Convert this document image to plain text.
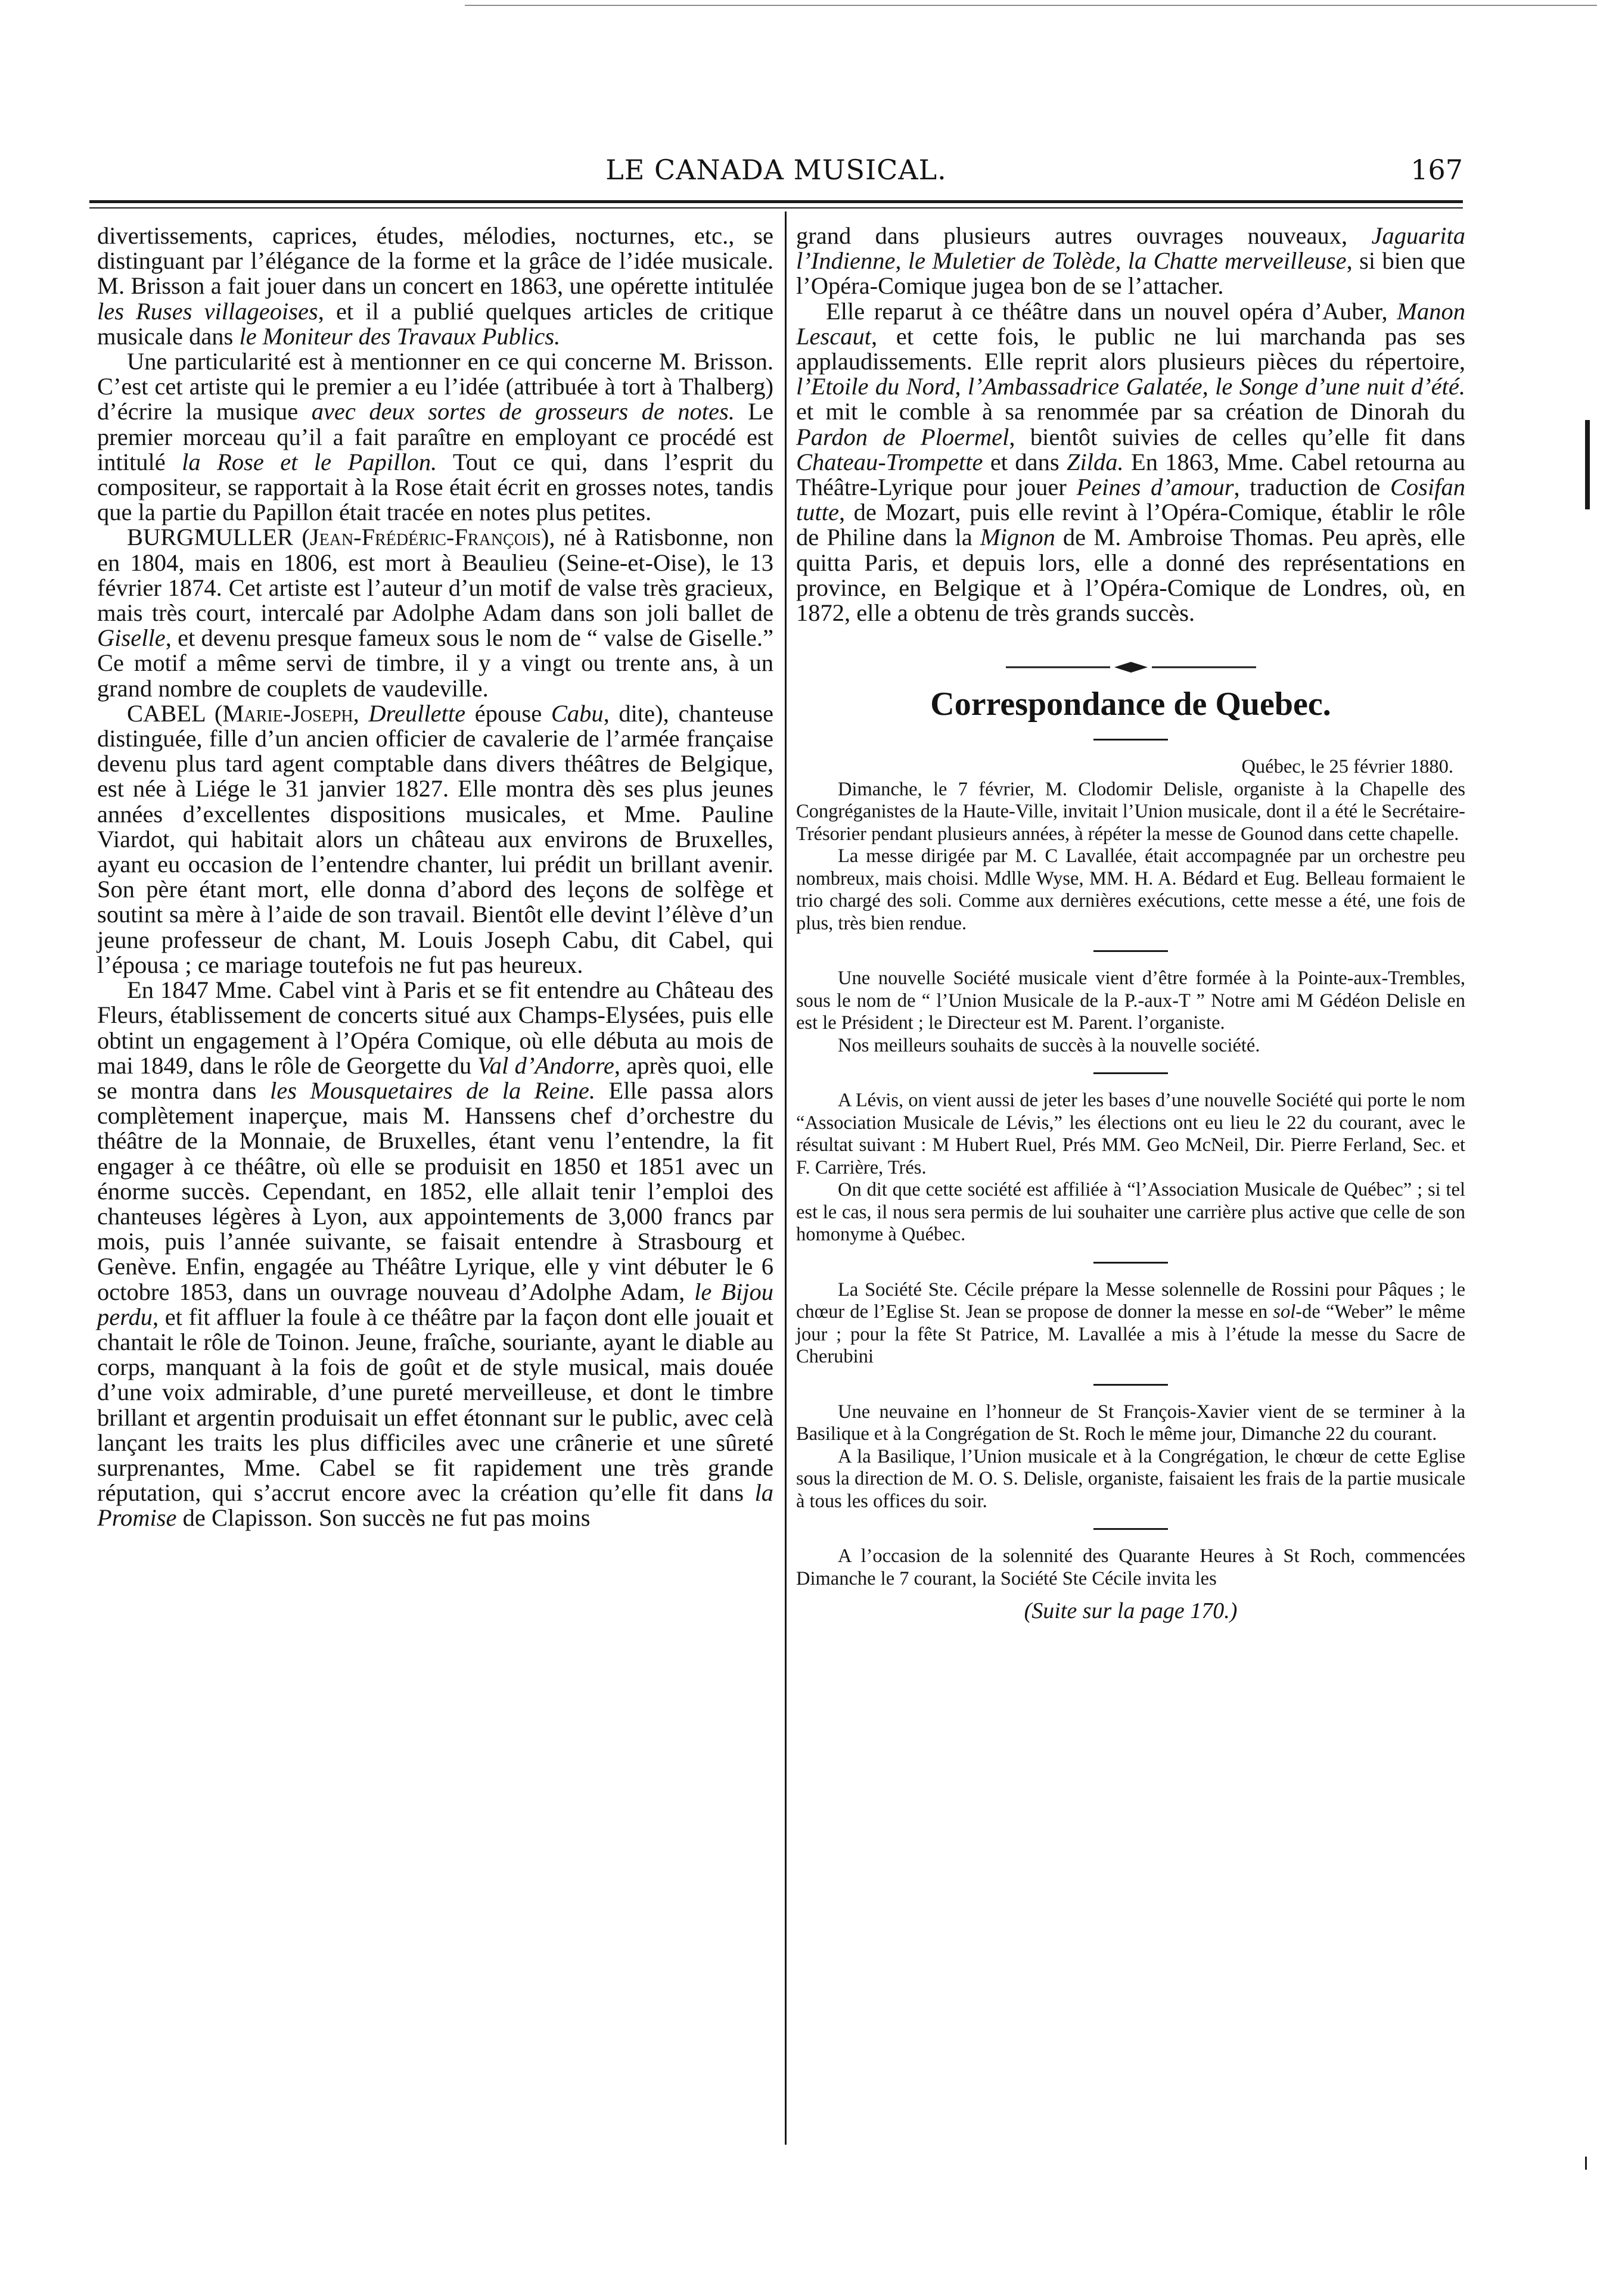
LE CANADA MUSICAL.	167

divertissements, caprices, études, mélodies, nocturnes, etc., se distinguant par l’élégance de la forme et la grâce de l’idée musicale. M. Brisson a fait jouer dans un concert en 1863, une opérette intitulée les Ruses villageoises, et il a publié quelques articles de critique musicale dans le Moniteur des Travaux Publics.

Une particularité est à mentionner en ce qui concerne M. Brisson. C’est cet artiste qui le premier a eu l’idée (attribuée à tort à Thalberg) d’écrire la musique avec deux sortes de grosseurs de notes. Le premier morceau qu’il a fait paraître en employant ce procédé est intitulé la Rose et le Papillon. Tout ce qui, dans l’esprit du compositeur, se rapportait à la Rose était écrit en grosses notes, tandis que la partie du Papillon était tracée en notes plus petites.

BURGMULLER (Jean-Frédéric-François), né à Ratisbonne, non en 1804, mais en 1806, est mort à Beaulieu (Seine-et-Oise), le 13 février 1874. Cet artiste est l’auteur d’un motif de valse très gracieux, mais très court, intercalé par Adolphe Adam dans son joli ballet de Giselle, et devenu presque fameux sous le nom de “ valse de Giselle.” Ce motif a même servi de timbre, il y a vingt ou trente ans, à un grand nombre de couplets de vaudeville.

CABEL (Marie-Joseph, Dreullette épouse Cabu, dite), chanteuse distinguée, fille d’un ancien officier de cavalerie de l’armée française devenu plus tard agent comptable dans divers théâtres de Belgique, est née à Liége le 31 janvier 1827. Elle montra dès ses plus jeunes années d’excellentes dispositions musicales, et Mme. Pauline Viardot, qui habitait alors un château aux environs de Bruxelles, ayant eu occasion de l’entendre chanter, lui prédit un brillant avenir. Son père étant mort, elle donna d’abord des leçons de solfège et soutint sa mère à l’aide de son travail. Bientôt elle devint l’élève d’un jeune professeur de chant, M. Louis Joseph Cabu, dit Cabel, qui l’épousa ; ce mariage toutefois ne fut pas heureux.

En 1847 Mme. Cabel vint à Paris et se fit entendre au Château des Fleurs, établissement de concerts situé aux Champs-Elysées, puis elle obtint un engagement à l’Opéra Comique, où elle débuta au mois de mai 1849, dans le rôle de Georgette du Val d’Andorre, après quoi, elle se montra dans les Mousquetaires de la Reine. Elle passa alors complètement inaperçue, mais M. Hanssens chef d’orchestre du théâtre de la Monnaie, de Bruxelles, étant venu l’entendre, la fit engager à ce théâtre, où elle se produisit en 1850 et 1851 avec un énorme succès. Cependant, en 1852, elle allait tenir l’emploi des chanteuses légères à Lyon, aux appointements de 3,000 francs par mois, puis l’année suivante, se faisait entendre à Strasbourg et Genève. Enfin, engagée au Théâtre Lyrique, elle y vint débuter le 6 octobre 1853, dans un ouvrage nouveau d’Adolphe Adam, le Bijou perdu, et fit affluer la foule à ce théâtre par la façon dont elle jouait et chantait le rôle de Toinon. Jeune, fraîche, souriante, ayant le diable au corps, manquant à la fois de goût et de style musical, mais douée d’une voix admirable, d’une pureté merveilleuse, et dont le timbre brillant et argentin produisait un effet étonnant sur le public, avec celà lançant les traits les plus difficiles avec une crânerie et une sûreté surprenantes, Mme. Cabel se fit rapidement une très grande réputation, qui s’accrut encore avec la création qu’elle fit dans la Promise de Clapisson. Son succès ne fut pas moins

grand dans plusieurs autres ouvrages nouveaux, Jaguarita l’Indienne, le Muletier de Tolède, la Chatte merveilleuse, si bien que l’Opéra-Comique jugea bon de se l’attacher.

Elle reparut à ce théâtre dans un nouvel opéra d’Auber, Manon Lescaut, et cette fois, le public ne lui marchanda pas ses applaudissements. Elle reprit alors plusieurs pièces du répertoire, l’Etoile du Nord, l’Ambassadrice Galatée, le Songe d’une nuit d’été. et mit le comble à sa renommée par sa création de Dinorah du Pardon de Ploermel, bientôt suivies de celles qu’elle fit dans Chateau-Trompette et dans Zilda. En 1863, Mme. Cabel retourna au Théâtre-Lyrique pour jouer Peines d’amour, traduction de Cosifan tutte, de Mozart, puis elle revint à l’Opéra-Comique, établir le rôle de Philine dans la Mignon de M. Ambroise Thomas. Peu après, elle quitta Paris, et depuis lors, elle a donné des représentations en province, en Belgique et à l’Opéra-Comique de Londres, où, en 1872, elle a obtenu de très grands succès.

Correspondance de Quebec.

Québec, le 25 février 1880.

Dimanche, le 7 février, M. Clodomir Delisle, organiste à la Chapelle des Congréganistes de la Haute-Ville, invitait l’Union musicale, dont il a été le Secrétaire-Trésorier pendant plusieurs années, à répéter la messe de Gounod dans cette chapelle.

La messe dirigée par M. C Lavallée, était accompagnée par un orchestre peu nombreux, mais choisi. Mdlle Wyse, MM. H. A. Bédard et Eug. Belleau formaient le trio chargé des soli. Comme aux dernières exécutions, cette messe a été, une fois de plus, très bien rendue.

Une nouvelle Société musicale vient d’être formée à la Pointe-aux-Trembles, sous le nom de “ l’Union Musicale de la P.-aux-T ” Notre ami M Gédéon Delisle en est le Président ; le Directeur est M. Parent. l’organiste.

Nos meilleurs souhaits de succès à la nouvelle société.

A Lévis, on vient aussi de jeter les bases d’une nouvelle Société qui porte le nom “Association Musicale de Lévis,” les élections ont eu lieu le 22 du courant, avec le résultat suivant : M Hubert Ruel, Prés MM. Geo McNeil, Dir. Pierre Ferland, Sec. et F. Carrière, Trés.

On dit que cette société est affiliée à “l’Association Musicale de Québec” ; si tel est le cas, il nous sera permis de lui souhaiter une carrière plus active que celle de son homonyme à Québec.

La Société Ste. Cécile prépare la Messe solennelle de Rossini pour Pâques ; le chœur de l’Eglise St. Jean se propose de donner la messe en sol-de “Weber” le même jour ; pour la fête St Patrice, M. Lavallée a mis à l’étude la messe du Sacre de Cherubini

Une neuvaine en l’honneur de St François-Xavier vient de se terminer à la Basilique et à la Congrégation de St. Roch le même jour, Dimanche 22 du courant.

A la Basilique, l’Union musicale et à la Congrégation, le chœur de cette Eglise sous la direction de M. O. S. Delisle, organiste, faisaient les frais de la partie musicale à tous les offices du soir.

A l’occasion de la solennité des Quarante Heures à St Roch, commencées Dimanche le 7 courant, la Société Ste Cécile invita les

(Suite sur la page 170.)
